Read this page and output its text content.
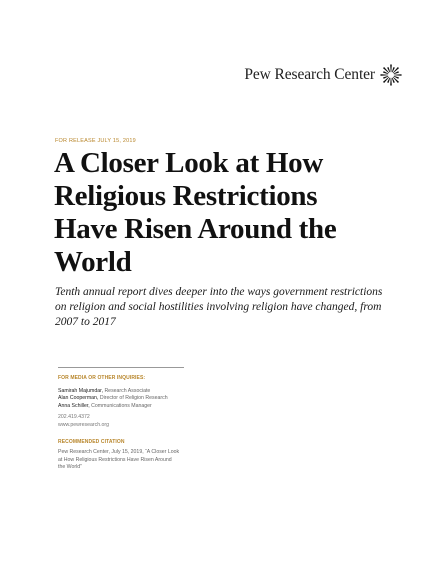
Pew Research Center
FOR RELEASE JULY 15, 2019
A Closer Look at How Religious Restrictions Have Risen Around the World

Tenth annual report dives deeper into the ways government restrictions on religion and social hostilities involving religion have changed, from 2007 to 2017

FOR MEDIA OR OTHER INQUIRIES:
Samirah Majumdar, Research Associate
Alan Cooperman, Director of Religion Research
Anna Schiller, Communications Manager
202.419.4372
www.pewresearch.org
RECOMMENDED CITATION
Pew Research Center, July 15, 2019, “A Closer Look at How Religious Restrictions Have Risen Around the World”
